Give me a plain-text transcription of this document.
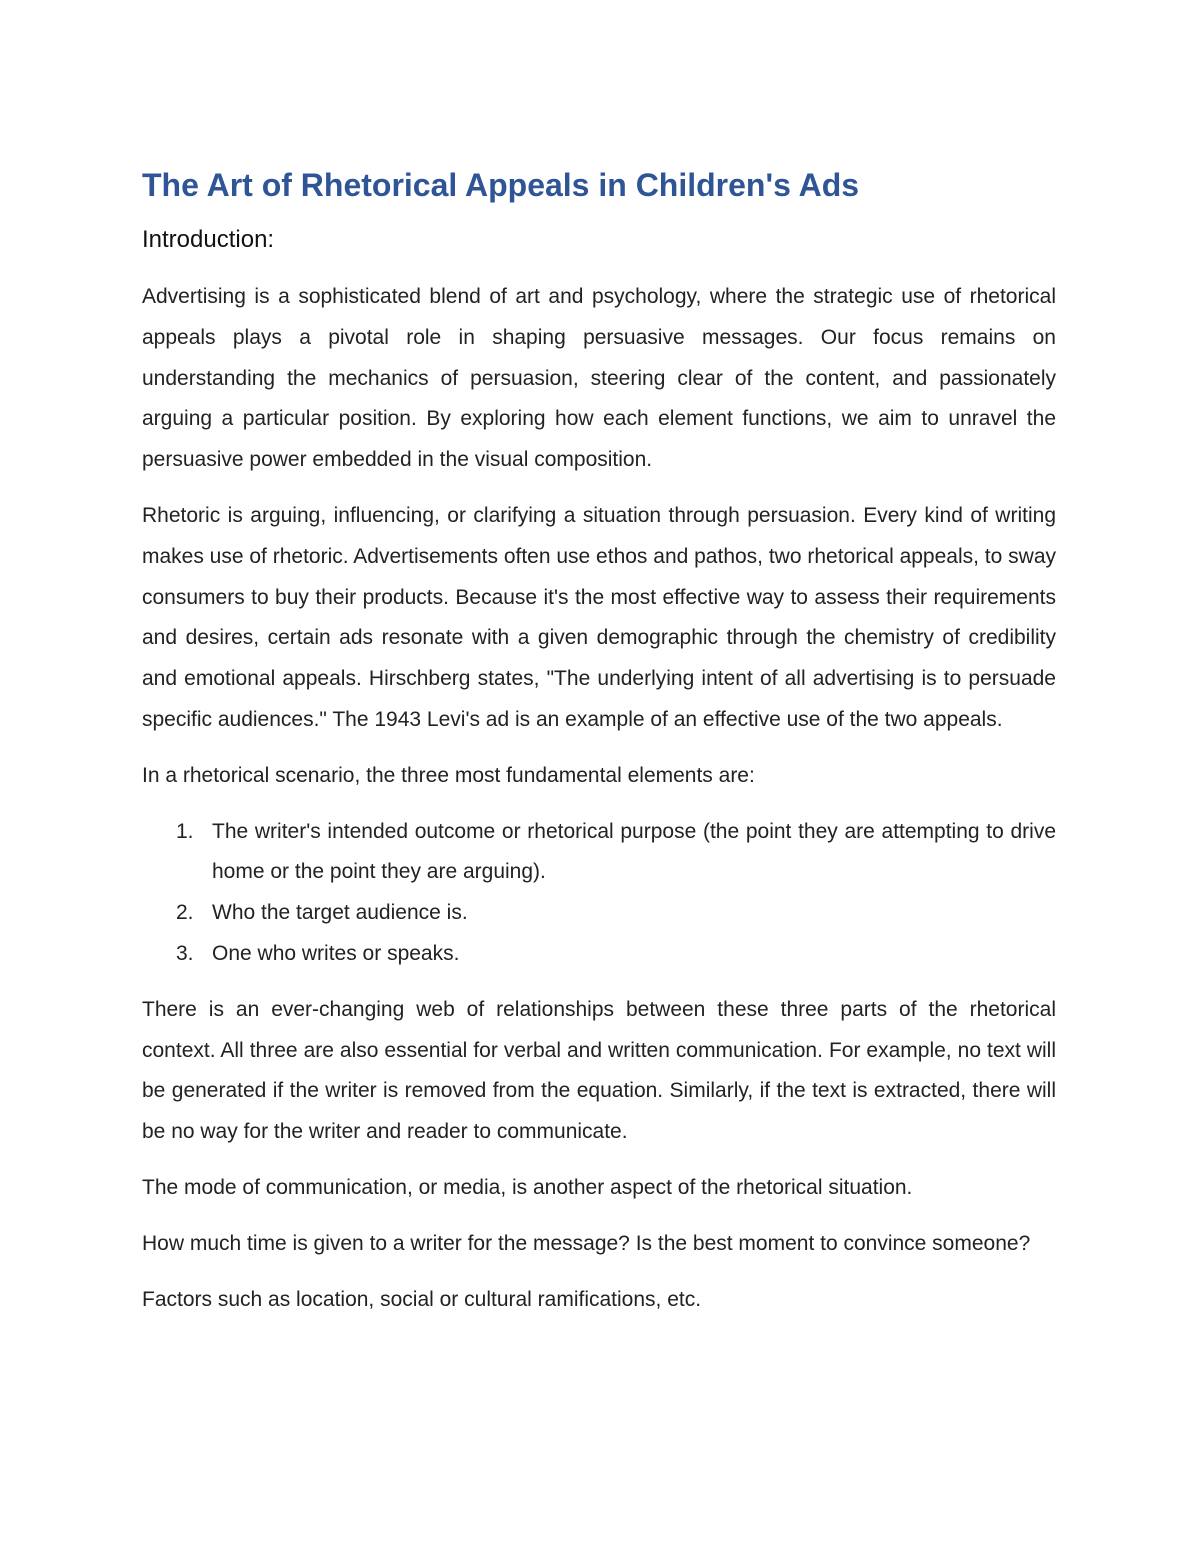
The Art of Rhetorical Appeals in Children's Ads
Introduction:

Advertising is a sophisticated blend of art and psychology, where the strategic use of rhetorical appeals plays a pivotal role in shaping persuasive messages. Our focus remains on understanding the mechanics of persuasion, steering clear of the content, and passionately arguing a particular position. By exploring how each element functions, we aim to unravel the persuasive power embedded in the visual composition.

Rhetoric is arguing, influencing, or clarifying a situation through persuasion. Every kind of writing makes use of rhetoric. Advertisements often use ethos and pathos, two rhetorical appeals, to sway consumers to buy their products. Because it's the most effective way to assess their requirements and desires, certain ads resonate with a given demographic through the chemistry of credibility and emotional appeals. Hirschberg states, "The underlying intent of all advertising is to persuade specific audiences." The 1943 Levi's ad is an example of an effective use of the two appeals.

In a rhetorical scenario, the three most fundamental elements are:

1. The writer's intended outcome or rhetorical purpose (the point they are attempting to drive home or the point they are arguing).
2. Who the target audience is.
3. One who writes or speaks.

There is an ever-changing web of relationships between these three parts of the rhetorical context. All three are also essential for verbal and written communication. For example, no text will be generated if the writer is removed from the equation. Similarly, if the text is extracted, there will be no way for the writer and reader to communicate.

The mode of communication, or media, is another aspect of the rhetorical situation.

How much time is given to a writer for the message? Is the best moment to convince someone?

Factors such as location, social or cultural ramifications, etc.
